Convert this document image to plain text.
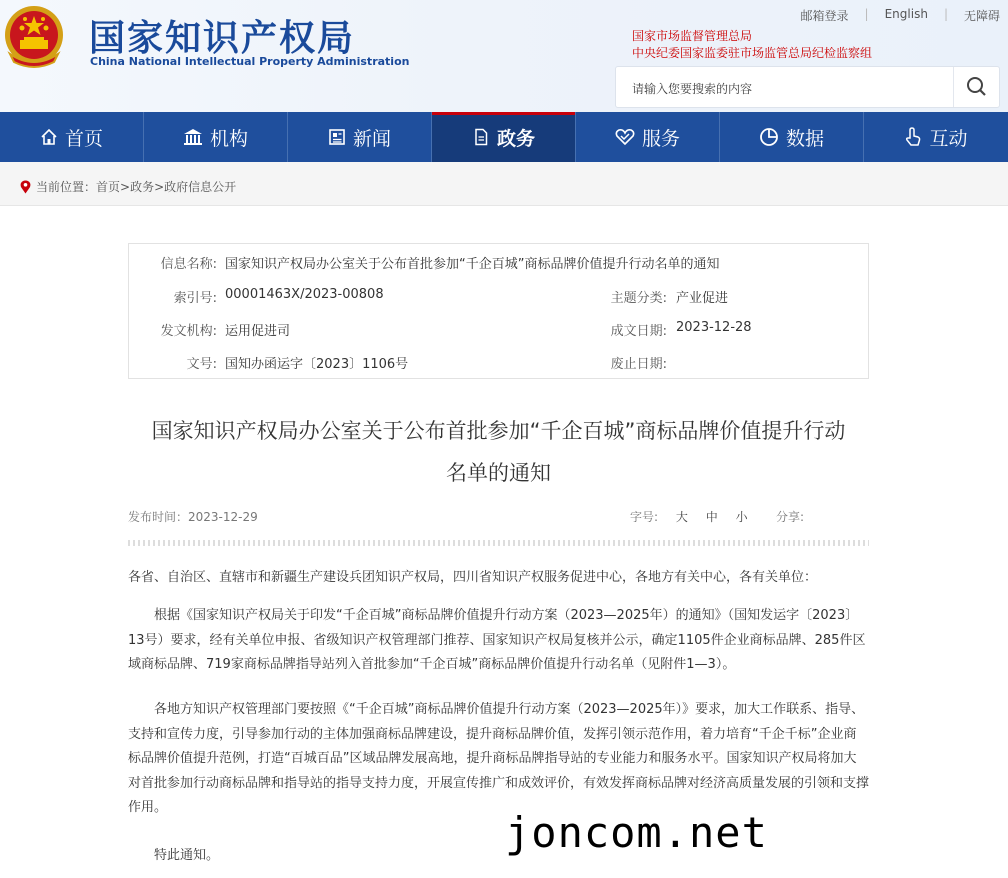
国家知识产权局
China National Intellectual Property Administration
邮箱登录	|	English	|	无障碍
国家市场监督管理总局
中央纪委国家监委驻市场监管总局纪检监察组
请输入您要搜索的内容
首页	机构	新闻	政务	服务	数据	互动
当前位置： 首页 > 政务 > 政府信息公开
信息名称: 国家知识产权局办公室关于公布首批参加“千企百城”商标品牌价值提升行动名单的通知
索引号: 00001463X/2023-00808	主题分类: 产业促进
发文机构: 运用促进司	成文日期: 2023-12-28
文号: 国知办函运字〔2023〕1106号	废止日期:
国家知识产权局办公室关于公布首批参加“千企百城”商标品牌价值提升行动
名单的通知
发布时间：2023-12-29	字号: 大 中 小 分享:

各省、自治区、直辖市和新疆生产建设兵团知识产权局，四川省知识产权服务促进中心，各地方有关中心，各有关单位：

根据《国家知识产权局关于印发“千企百城”商标品牌价值提升行动方案（2023—2025年）的通知》（国知发运字〔2023〕13号）要求，经有关单位申报、省级知识产权管理部门推荐、国家知识产权局复核并公示，确定1105件企业商标品牌、285件区域商标品牌、719家商标品牌指导站列入首批参加“千企百城”商标品牌价值提升行动名单（见附件1—3）。

各地方知识产权管理部门要按照《“千企百城”商标品牌价值提升行动方案（2023—2025年）》要求，加大工作联系、指导、支持和宣传力度，引导参加行动的主体加强商标品牌建设，提升商标品牌价值，发挥引领示范作用，着力培育“千企千标”企业商标品牌价值提升范例，打造“百城百品”区域品牌发展高地，提升商标品牌指导站的专业能力和服务水平。国家知识产权局将加大对首批参加行动商标品牌和指导站的指导支持力度，开展宣传推广和成效评价，有效发挥商标品牌对经济高质量发展的引领和支撑作用。

特此通知。	joncom.net
